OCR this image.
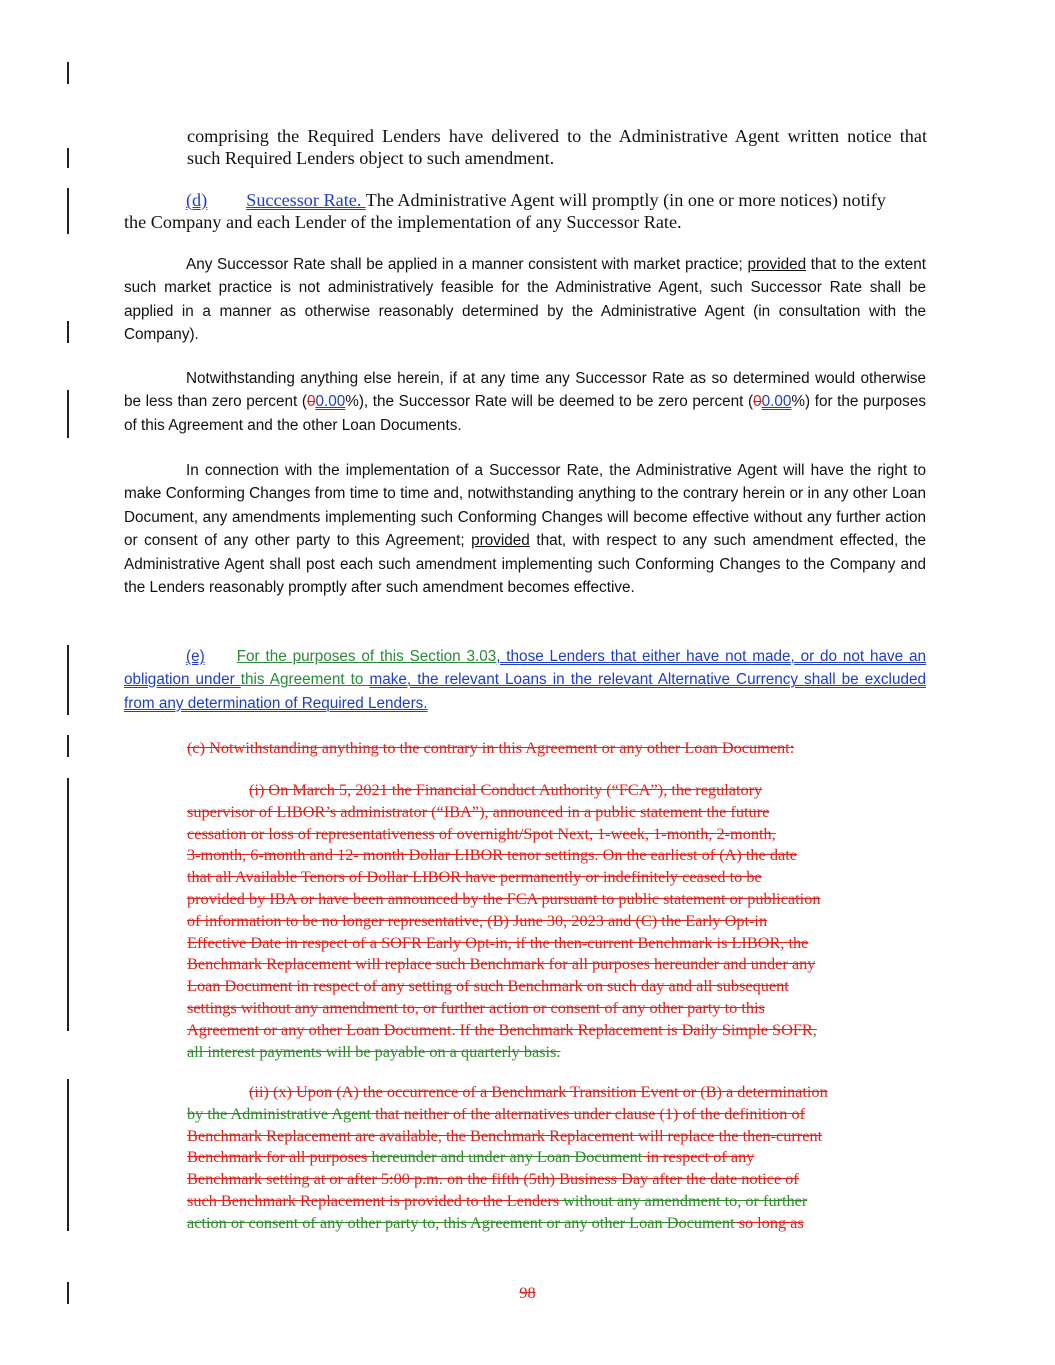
comprising the Required Lenders have delivered to the Administrative Agent written notice that
such Required Lenders object to such amendment.
(d) Successor Rate. The Administrative Agent will promptly (in one or more notices) notify
the Company and each Lender of the implementation of any Successor Rate.
Any Successor Rate shall be applied in a manner consistent with market practice; provided that to the extent such market practice is not administratively feasible for the Administrative Agent, such Successor Rate shall be applied in a manner as otherwise reasonably determined by the Administrative Agent (in consultation with the Company).
Notwithstanding anything else herein, if at any time any Successor Rate as so determined would otherwise be less than zero percent (00.00%), the Successor Rate will be deemed to be zero percent (00.00%) for the purposes of this Agreement and the other Loan Documents.
In connection with the implementation of a Successor Rate, the Administrative Agent will have the right to make Conforming Changes from time to time and, notwithstanding anything to the contrary herein or in any other Loan Document, any amendments implementing such Conforming Changes will become effective without any further action or consent of any other party to this Agreement; provided that, with respect to any such amendment effected, the Administrative Agent shall post each such amendment implementing such Conforming Changes to the Company and the Lenders reasonably promptly after such amendment becomes effective.
(e) For the purposes of this Section 3.03, those Lenders that either have not made, or do not have an obligation under this Agreement to make, the relevant Loans in the relevant Alternative Currency shall be excluded from any determination of Required Lenders.
(c) Notwithstanding anything to the contrary in this Agreement or any other Loan Document:
(i) On March 5, 2021 the Financial Conduct Authority (“FCA”), the regulatory
supervisor of LIBOR’s administrator (“IBA”), announced in a public statement the future
cessation or loss of representativeness of overnight/Spot Next, 1-week, 1-month, 2-month,
3-month, 6-month and 12- month Dollar LIBOR tenor settings. On the earliest of (A) the date
that all Available Tenors of Dollar LIBOR have permanently or indefinitely ceased to be
provided by IBA or have been announced by the FCA pursuant to public statement or publication
of information to be no longer representative, (B) June 30, 2023 and (C) the Early Opt-in
Effective Date in respect of a SOFR Early Opt-in, if the then-current Benchmark is LIBOR, the
Benchmark Replacement will replace such Benchmark for all purposes hereunder and under any
Loan Document in respect of any setting of such Benchmark on such day and all subsequent
settings without any amendment to, or further action or consent of any other party to this
Agreement or any other Loan Document. If the Benchmark Replacement is Daily Simple SOFR,
all interest payments will be payable on a quarterly basis.
(ii) (x) Upon (A) the occurrence of a Benchmark Transition Event or (B) a determination
by the Administrative Agent that neither of the alternatives under clause (1) of the definition of
Benchmark Replacement are available, the Benchmark Replacement will replace the then-current
Benchmark for all purposes hereunder and under any Loan Document in respect of any
Benchmark setting at or after 5:00 p.m. on the fifth (5th) Business Day after the date notice of
such Benchmark Replacement is provided to the Lenders without any amendment to, or further
action or consent of any other party to, this Agreement or any other Loan Document so long as
98
